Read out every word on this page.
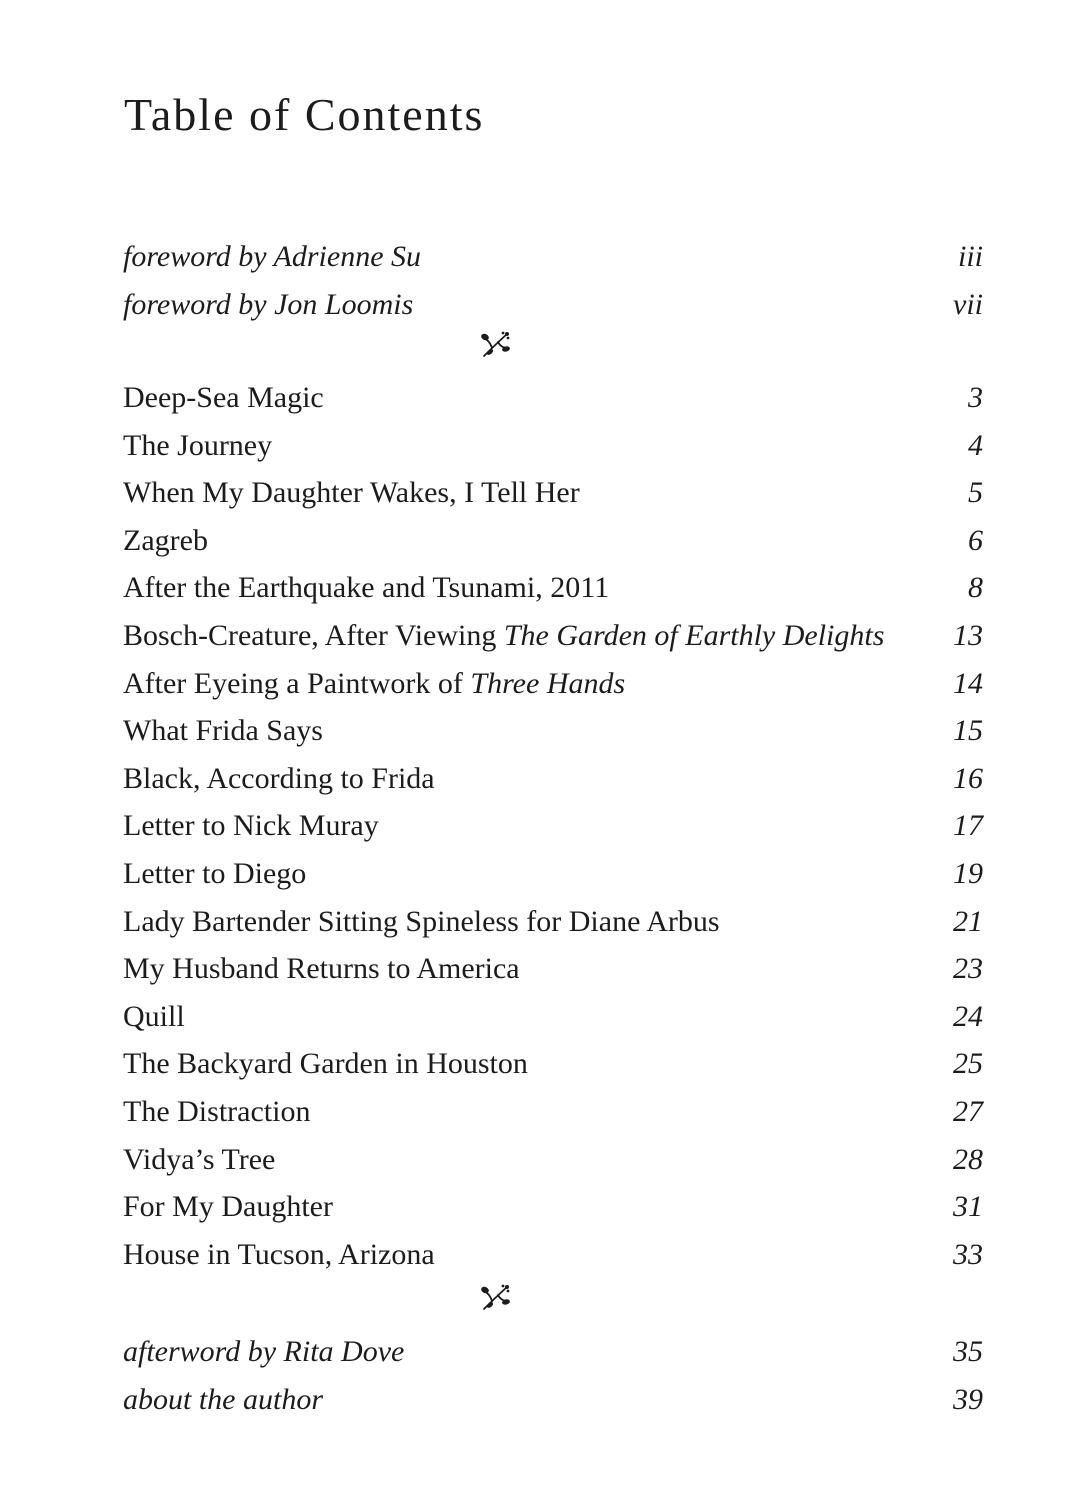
Table of Contents
foreword by Adrienne Su	iii
foreword by Jon Loomis	vii
Deep-Sea Magic	3
The Journey	4
When My Daughter Wakes, I Tell Her	5
Zagreb	6
After the Earthquake and Tsunami, 2011	8
Bosch-Creature, After Viewing The Garden of Earthly Delights 13
After Eyeing a Paintwork of Three Hands	14
What Frida Says	15
Black, According to Frida	16
Letter to Nick Muray	17
Letter to Diego	19
Lady Bartender Sitting Spineless for Diane Arbus	21
My Husband Returns to America	23
Quill	24
The Backyard Garden in Houston	25
The Distraction	27
Vidya’s Tree	28
For My Daughter	31
House in Tucson, Arizona	33
afterword by Rita Dove	35
about the author	39
